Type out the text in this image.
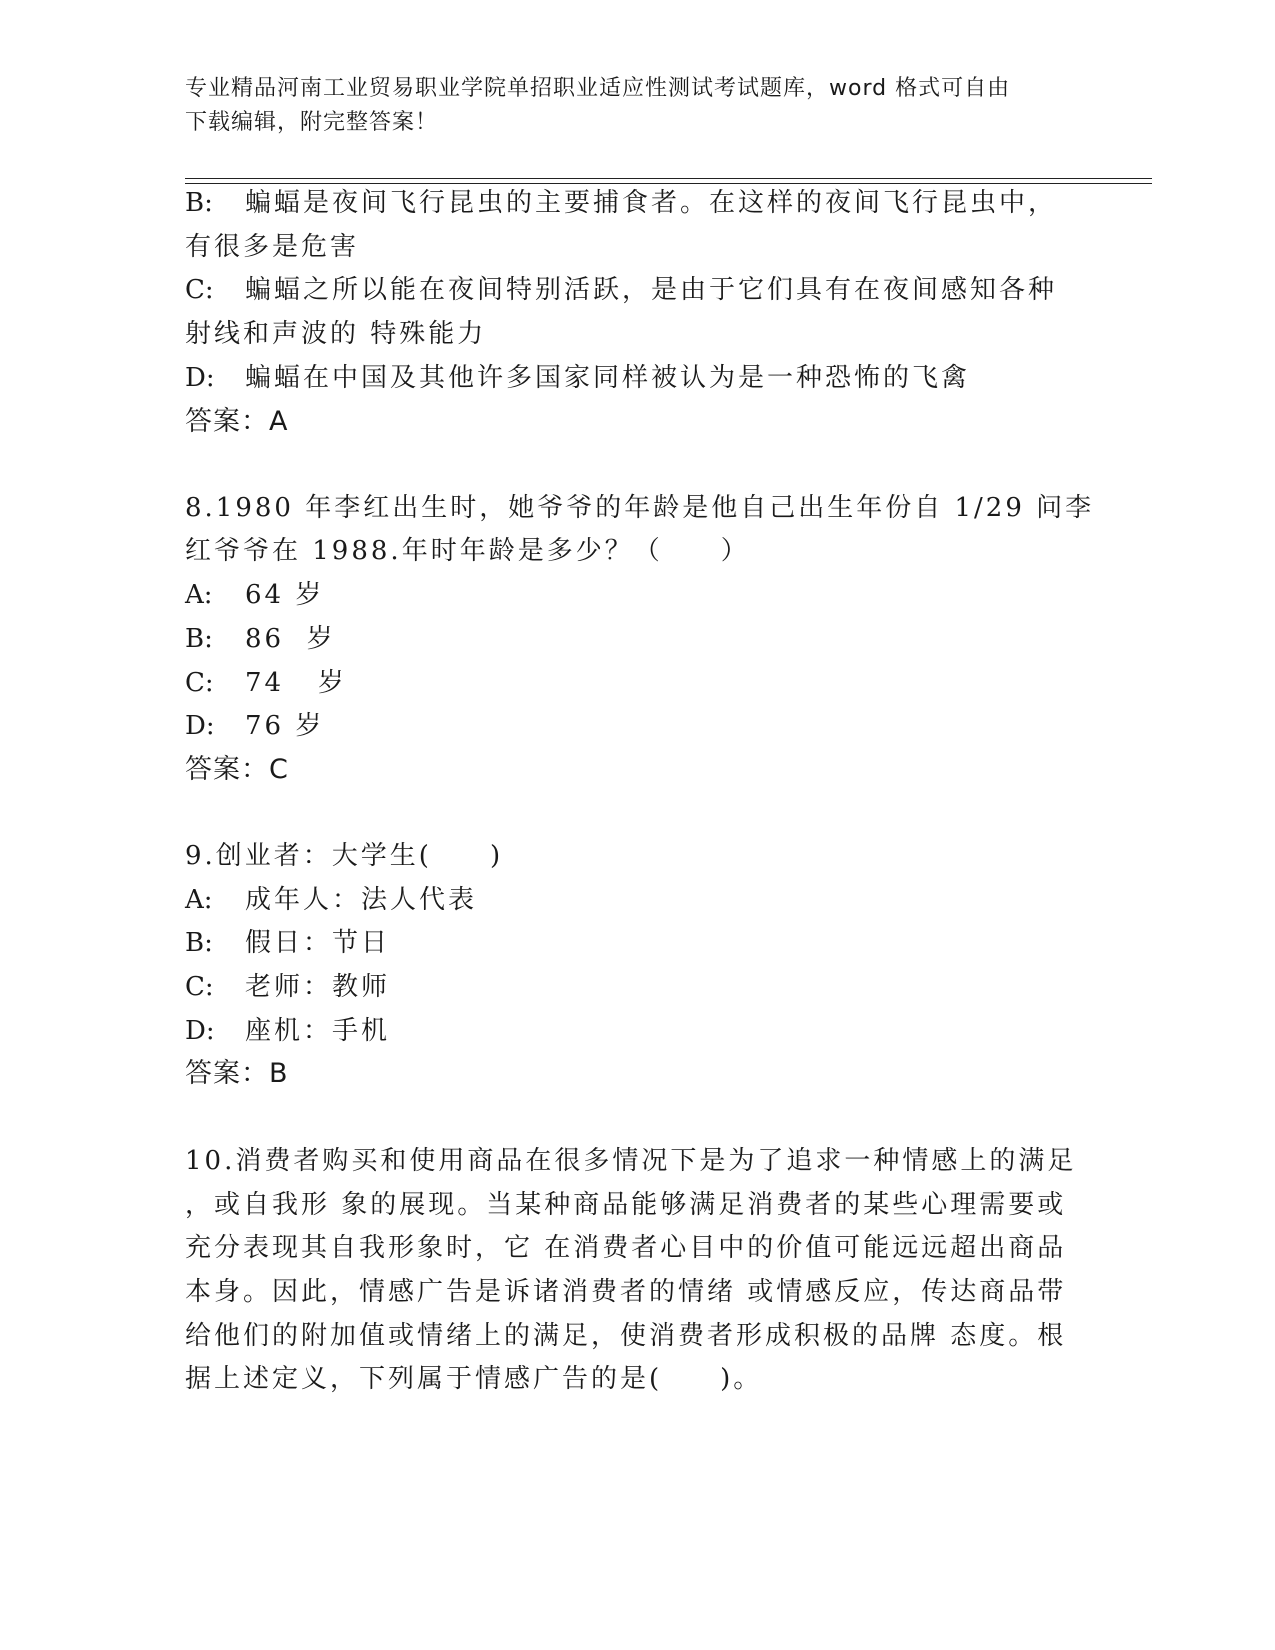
专业精品河南工业贸易职业学院单招职业适应性测试考试题库，word 格式可自由
下载编辑，附完整答案！
B: 蝙蝠是夜间飞行昆虫的主要捕食者。在这样的夜间飞行昆虫中，
有很多是危害
C: 蝙蝠之所以能在夜间特别活跃，是由于它们具有在夜间感知各种
射线和声波的 特殊能力
D: 蝙蝠在中国及其他许多国家同样被认为是一种恐怖的飞禽
答案：A
8.1980 年李红出生时，她爷爷的年龄是他自己出生年份自 1/29 问李
红爷爷在 1988.年时年龄是多少？（　　）
A: 64 岁
B: 86  岁
C: 74   岁
D: 76 岁
答案：C
9.创业者：大学生(　　)
A: 成年人：法人代表
B: 假日：节日
C: 老师：教师
D: 座机：手机
答案：B
10.消费者购买和使用商品在很多情况下是为了追求一种情感上的满足
，或自我形 象的展现。当某种商品能够满足消费者的某些心理需要或
充分表现其自我形象时，它 在消费者心目中的价值可能远远超出商品
本身。因此，情感广告是诉诸消费者的情绪 或情感反应，传达商品带
给他们的附加值或情绪上的满足，使消费者形成积极的品牌 态度。根
据上述定义，下列属于情感广告的是(　　)。
